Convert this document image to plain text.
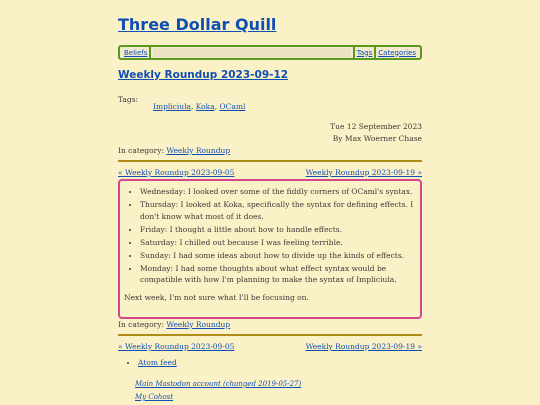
Three Dollar Quill
Beliefs	Tags Categories
Weekly Roundup 2023-09-12
Tags:
Impliciula, Koka, OCaml
Tue 12 September 2023
By Max Woerner Chase
In category: Weekly Roundup
« Weekly Roundup 2023-09-05	Weekly Roundup 2023-09-19 »
• Wednesday: I looked over some of the fiddly corners of OCaml's syntax.
• Thursday: I looked at Koka, specifically the syntax for defining effects. I don't know what most of it does.
• Friday: I thought a little about how to handle effects.
• Saturday: I chilled out because I was feeling terrible.
• Sunday: I had some ideas about how to divide up the kinds of effects.
• Monday: I had some thoughts about what effect syntax would be compatible with how I'm planning to make the syntax of Impliciula.

Next week, I'm not sure what I'll be focusing on.

In category: Weekly Roundup
« Weekly Roundup 2023-09-05	Weekly Roundup 2023-09-19 »
• Atom feed
Main Mastodon account (changed 2019-05-27)
My Cohost
